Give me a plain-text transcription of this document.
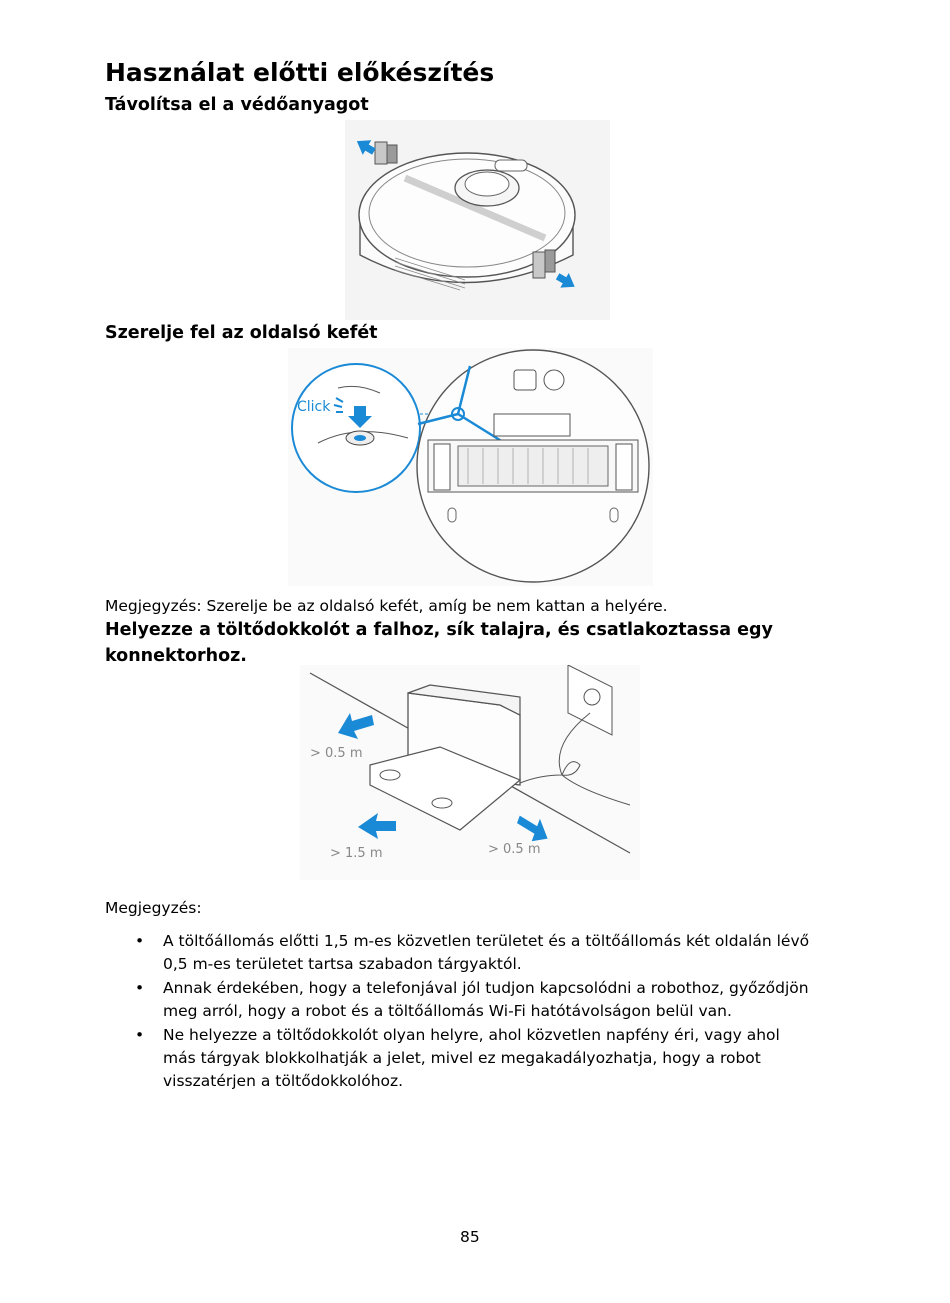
Használat előtti előkészítés
Távolítsa el a védőanyagot
Szerelje fel az oldalsó kefét
Click
Megjegyzés: Szerelje be az oldalsó kefét, amíg be nem kattan a helyére.
Helyezze a töltődokkolót a falhoz, sík talajra, és csatlakoztassa egy
konnektorhoz.
> 0.5 m
> 1.5 m	> 0.5 m
Megjegyzés:
• A töltőállomás előtti 1,5 m-es közvetlen területet és a töltőállomás két oldalán lévő
0,5 m-es területet tartsa szabadon tárgyaktól.
• Annak érdekében, hogy a telefonjával jól tudjon kapcsolódni a robothoz, győződjön
meg arról, hogy a robot és a töltőállomás Wi-Fi hatótávolságon belül van.
• Ne helyezze a töltődokkolót olyan helyre, ahol közvetlen napfény éri, vagy ahol
más tárgyak blokkolhatják a jelet, mivel ez megakadályozhatja, hogy a robot
visszatérjen a töltődokkolóhoz.
85
